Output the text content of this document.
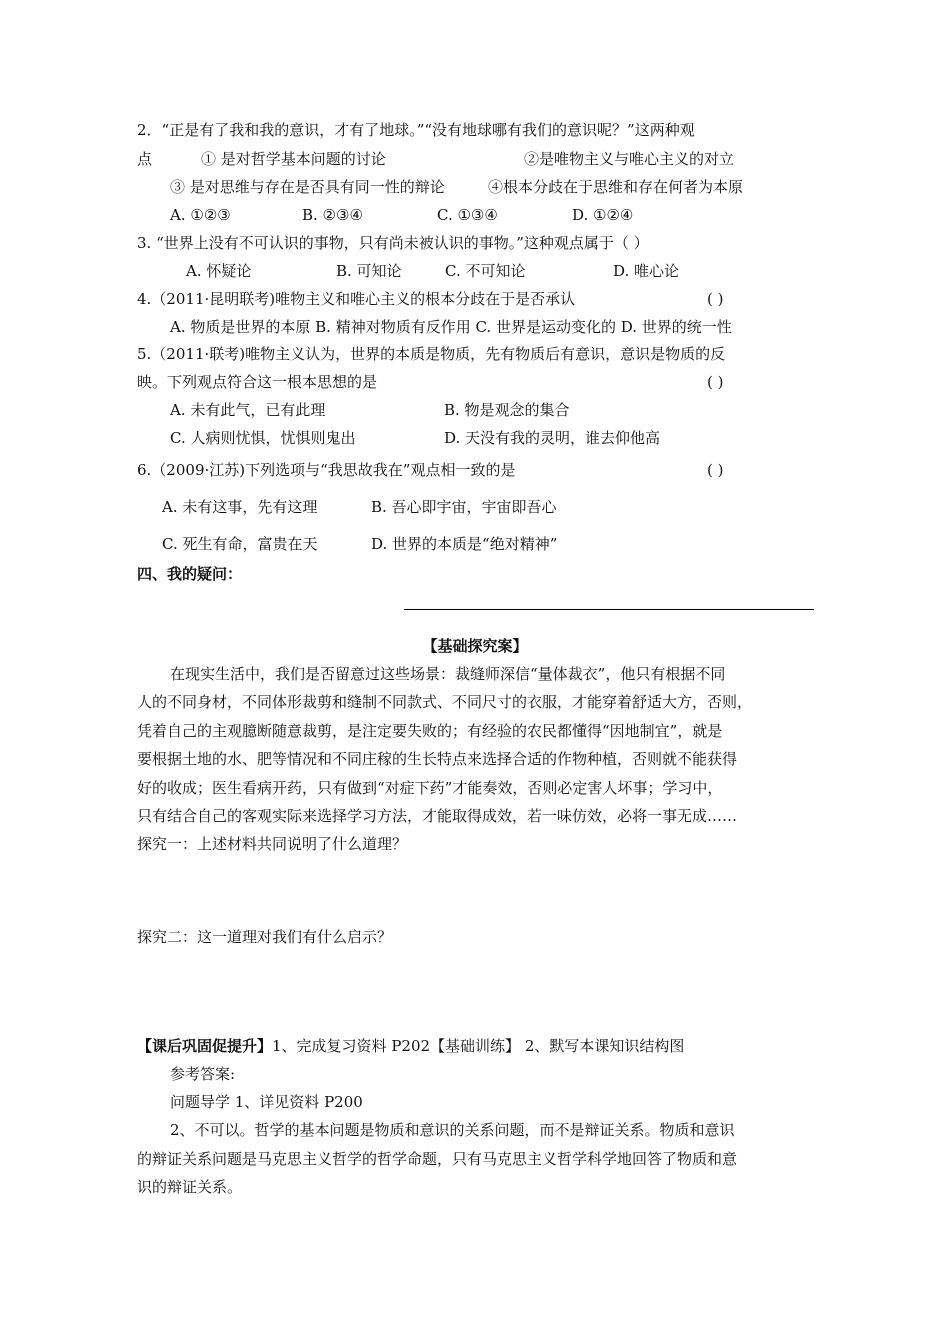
2．“正是有了我和我的意识，才有了地球。”“没有地球哪有我们的意识呢？”这两种观
点	① 是对哲学基本问题的讨论	②是唯物主义与唯心主义的对立
③ 是对思维与存在是否具有同一性的辩论	④根本分歧在于思维和存在何者为本原
A. ①②③	B. ②③④	C. ①③④	D. ①②④
3. “世界上没有不可认识的事物，只有尚未被认识的事物。”这种观点属于（ ）
A. 怀疑论	B. 可知论	C. 不可知论	D. 唯心论
4.（2011·昆明联考)唯物主义和唯心主义的根本分歧在于是否承认	( )
A. 物质是世界的本原 B. 精神对物质有反作用 C. 世界是运动变化的 D. 世界的统一性
5.（2011·联考)唯物主义认为，世界的本质是物质，先有物质后有意识，意识是物质的反
映。下列观点符合这一根本思想的是	( )
A. 未有此气，已有此理	B. 物是观念的集合
C. 人病则忧惧，忧惧则鬼出	D. 天没有我的灵明，谁去仰他高
6.（2009·江苏)下列选项与“我思故我在”观点相一致的是	( )
A. 未有这事，先有这理	B. 吾心即宇宙，宇宙即吾心
C. 死生有命，富贵在天	D. 世界的本质是“绝对精神”
四、我的疑问：
【基础探究案】
在现实生活中，我们是否留意过这些场景：裁缝师深信“量体裁衣”，他只有根据不同
人的不同身材，不同体形裁剪和缝制不同款式、不同尺寸的衣服，才能穿着舒适大方，否则，
凭着自己的主观臆断随意裁剪，是注定要失败的；有经验的农民都懂得“因地制宜”，就是
要根据土地的水、肥等情况和不同庄稼的生长特点来选择合适的作物种植，否则就不能获得
好的收成；医生看病开药，只有做到“对症下药”才能奏效，否则必定害人坏事；学习中，
只有结合自己的客观实际来选择学习方法，才能取得成效，若一味仿效，必将一事无成……
探究一：上述材料共同说明了什么道理？
探究二：这一道理对我们有什么启示？
【课后巩固促提升】1、完成复习资料 P202【基础训练】 2、默写本课知识结构图
参考答案:
问题导学 1、详见资料 P200
2、不可以。哲学的基本问题是物质和意识的关系问题，而不是辩证关系。物质和意识
的辩证关系问题是马克思主义哲学的哲学命题，只有马克思主义哲学科学地回答了物质和意
识的辩证关系。
